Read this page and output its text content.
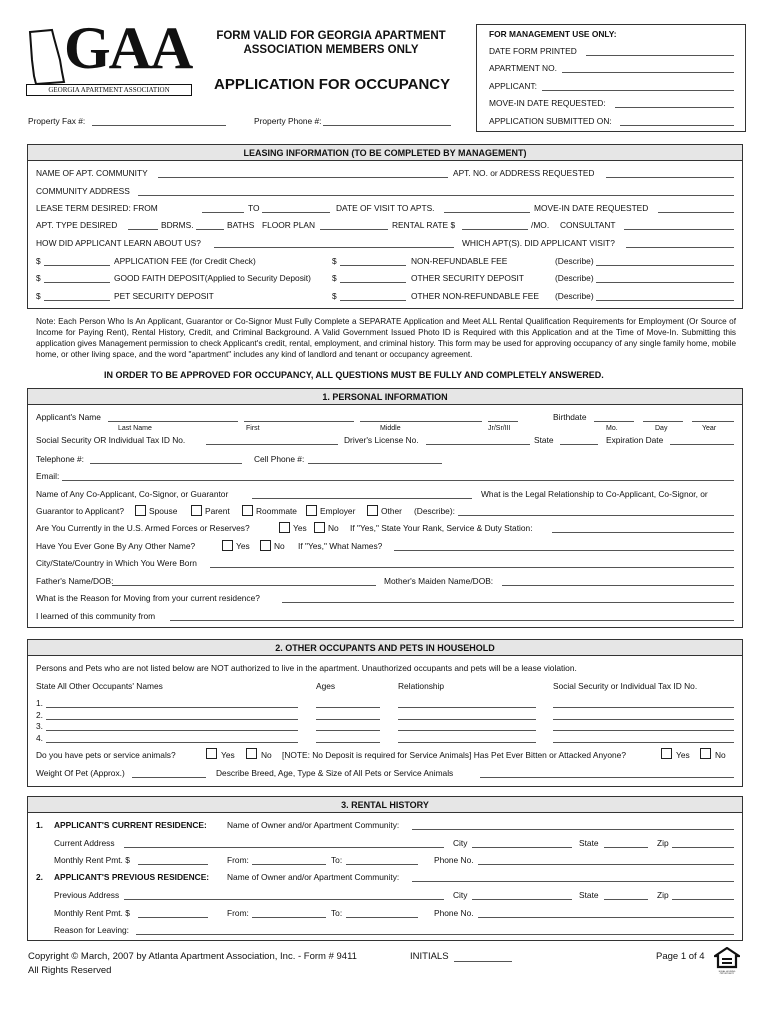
GAA
GEORGIA APARTMENT ASSOCIATION
FORM VALID FOR GEORGIA APARTMENT
ASSOCIATION MEMBERS ONLY
APPLICATION FOR OCCUPANCY
Property Fax #:	Property Phone #:
FOR MANAGEMENT USE ONLY:
DATE FORM PRINTED
APARTMENT NO.
APPLICANT:
MOVE-IN DATE REQUESTED:
APPLICATION SUBMITTED ON:
LEASING INFORMATION (TO BE COMPLETED BY MANAGEMENT)
NAME OF APT. COMMUNITY	APT. NO. or ADDRESS REQUESTED
COMMUNITY ADDRESS
LEASE TERM DESIRED: FROM	TO	DATE OF VISIT TO APTS.	MOVE-IN DATE REQUESTED
APT. TYPE DESIRED	BDRMS.	BATHS FLOOR PLAN	RENTAL RATE $	/MO. CONSULTANT
HOW DID APPLICANT LEARN ABOUT US?	WHICH APT(S). DID APPLICANT VISIT?
$	APPLICATION FEE (for Credit Check)	$	NON-REFUNDABLE FEE	(Describe)
$	GOOD FAITH DEPOSIT(Applied to Security Deposit)	$	OTHER SECURITY DEPOSIT	(Describe)
$	PET SECURITY DEPOSIT	$	OTHER NON-REFUNDABLE FEE (Describe)
Note: Each Person Who Is An Applicant, Guarantor or Co-Signor Must Fully Complete a SEPARATE Application and Meet ALL Rental Qualification Requirements for Employment (Or Source of Income for Paying Rent), Rental History, Credit, and Criminal Background. A Valid Government Issued Photo ID is Required with this Application and at the Time of Move-In. Submitting this application gives Management permission to check Applicant's credit, rental, employment, and criminal history. This form may be used for approving occupancy of any single family home, mobile home, or other living space, and the word "apartment" includes any kind of landlord and tenant or occupancy agreement.
IN ORDER TO BE APPROVED FOR OCCUPANCY, ALL QUESTIONS MUST BE FULLY AND COMPLETELY ANSWERED.
1. PERSONAL INFORMATION
Applicant's Name	Birthdate
Last Name	First	Middle	Jr/Sr/III	Mo.	Day	Year
Social Security OR Individual Tax ID No.	Driver's License No.	State	Expiration Date
Telephone #:	Cell Phone #:
Email:
Name of Any Co-Applicant, Co-Signor, or Guarantor	What is the Legal Relationship to Co-Applicant, Co-Signor, or
Guarantor to Applicant?	Spouse	Parent	Roommate	Employer	Other (Describe):
Are You Currently in the U.S. Armed Forces or Reserves?	Yes	No If "Yes," State Your Rank, Service & Duty Station:
Have You Ever Gone By Any Other Name?	Yes	No If "Yes," What Names?
City/State/Country in Which You Were Born
Father's Name/DOB:	Mother's Maiden Name/DOB:
What is the Reason for Moving from your current residence?
I learned of this community from
2. OTHER OCCUPANTS AND PETS IN HOUSEHOLD
Persons and Pets who are not listed below are NOT authorized to live in the apartment. Unauthorized occupants and pets will be a lease violation.
State All Other Occupants' Names	Ages	Relationship	Social Security or Individual Tax ID No.
1.
2.
3.
4.
Do you have pets or service animals?	Yes	No [NOTE: No Deposit is required for Service Animals] Has Pet Ever Bitten or Attacked Anyone?	Yes	No
Weight Of Pet (Approx.)	Describe Breed, Age, Type & Size of All Pets or Service Animals
3. RENTAL HISTORY
1. APPLICANT'S CURRENT RESIDENCE: Name of Owner and/or Apartment Community:
Current Address	City	State	Zip
Monthly Rent Pmt. $	From:	To:	Phone No.
2. APPLICANT'S PREVIOUS RESIDENCE: Name of Owner and/or Apartment Community:
Previous Address	City	State	Zip
Monthly Rent Pmt. $	From:	To:	Phone No.
Reason for Leaving:
Copyright © March, 2007 by Atlanta Apartment Association, Inc. - Form # 9411
All Rights Reserved
INITIALS	Page 1 of 4
EQUAL HOUSING OPPORTUNITY
